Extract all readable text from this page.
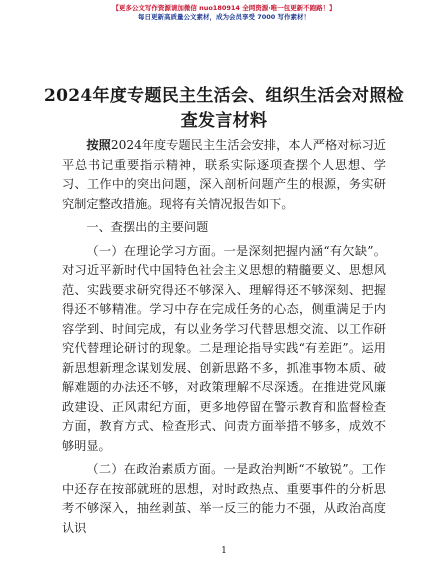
【更多公文写作资源请加微信 nuo180914 全网资源·唯一包更新不跑路！】
每日更新高质量公文素材，成为会员享受 7000 写作素材！
2024年度专题民主生活会、组织生活会对照检
查发言材料

按照2024年度专题民主生活会安排，本人严格对标习近平总书记重要指示精神，联系实际逐项查摆个人思想、学习、工作中的突出问题，深入剖析问题产生的根源，务实研究制定整改措施。现将有关情况报告如下。

一、查摆出的主要问题

（一）在理论学习方面。一是深刻把握内涵“有欠缺”。对习近平新时代中国特色社会主义思想的精髓要义、思想风范、实践要求研究得还不够深入、理解得还不够深刻、把握得还不够精准。学习中存在完成任务的心态，侧重满足于内容学到、时间完成，有以业务学习代替思想交流、以工作研究代替理论研讨的现象。二是理论指导实践“有差距”。运用新思想新理念谋划发展、创新思路不多，抓准事物本质、破解难题的办法还不够，对政策理解不尽深透。在推进党风廉政建设、正风肃纪方面，更多地停留在警示教育和监督检查方面，教育方式、检查形式、问责方面举措不够多，成效不够明显。

（二）在政治素质方面。一是政治判断“不敏锐”。工作中还存在按部就班的思想，对时政热点、重要事件的分析思考不够深入，抽丝剥茧、举一反三的能力不强，从政治高度认识

1
